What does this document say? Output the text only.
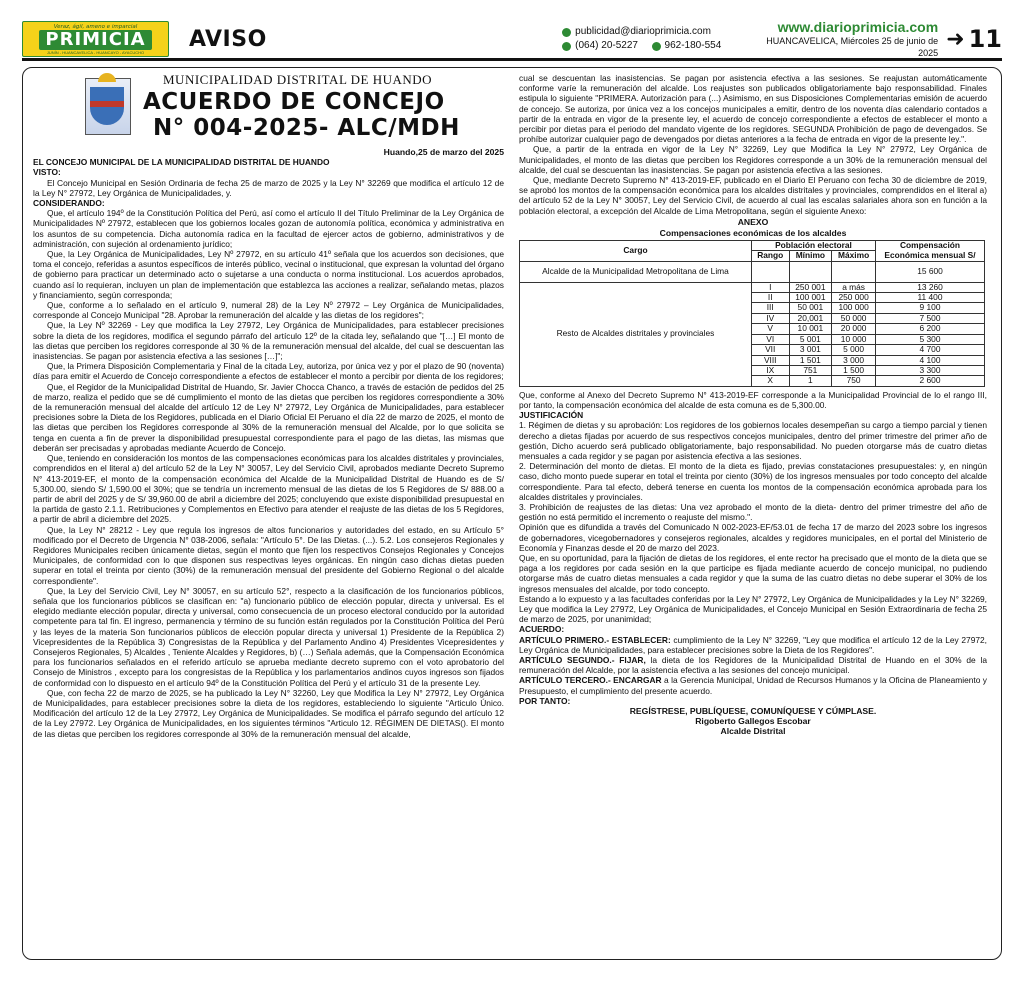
Veraz, ágil, ameno e imparcial
PRIMICIA
JUNÍN - HUANCAVELICA - HUANCAYO - AYACUCHO
AVISO	publicidad@diarioprimicia.com
(064) 20-5227
	962-180-554
www.diarioprimicia.com
HUANCAVELICA, Miércoles 25 de junio de 2025
➜ 11
MUNICIPALIDAD DISTRITAL DE HUANDO
ACUERDO DE CONCEJO
N° 004-2025- ALC/MDH
Huando,25 de marzo del 2025

EL CONCEJO MUNICIPAL DE LA MUNICIPALIDAD DISTRITAL DE HUANDO

VISTO:

El Concejo Municipal en Sesión Ordinaria de fecha 25 de marzo de 2025 y la Ley N° 32269 que modifica el artículo 12 de la Ley N° 27972, Ley Orgánica de Municipalidades, y.

CONSIDERANDO:

Que, el artículo 194º de la Constitución Política del Perú, así como el artículo II del Título Preliminar de la Ley Orgánica de Municipalidades Nº 27972, establecen que los gobiernos locales gozan de autonomía política, económica y administrativa en los asuntos de su competencia. Dicha autonomía radica en la facultad de ejercer actos de gobierno, administrativos y de administración, con sujeción al ordenamiento jurídico;

Que, la Ley Orgánica de Municipalidades, Ley Nº 27972, en su artículo 41º señala que los acuerdos son decisiones, que toma el concejo, referidas a asuntos específicos de interés público, vecinal o institucional, que expresan la voluntad del órgano de gobierno para practicar un determinado acto o sujetarse a una conducta o norma institucional. Los acuerdos aprobados, cuando así lo requieran, incluyen un plan de implementación que establezca las acciones a realizar, señalando metas, plazos y financiamiento, según corresponda;

Que, conforme a lo señalado en el artículo 9, numeral 28) de la Ley Nº 27972 – Ley Orgánica de Municipalidades, corresponde al Concejo Municipal "28. Aprobar la remuneración del alcalde y las dietas de los regidores";

Que, la Ley Nº 32269 - Ley que modifica la Ley 27972, Ley Orgánica de Municipalidades, para establecer precisiones sobre la dieta de los regidores, modifica el segundo párrafo del artículo 12º de la citada ley, señalando que "[…] El monto de las dietas que perciben los regidores corresponde al 30 % de la remuneración mensual del alcalde, del cual se descuentan las inasistencias. Se pagan por asistencia efectiva a las sesiones […]";

Que, la Primera Disposición Complementaria y Final de la citada Ley, autoriza, por única vez y por el plazo de 90 (noventa) días para emitir el Acuerdo de Concejo correspondiente a efectos de establecer el monto a percibir por dienta de los regidores;

Que, el Regidor de la Municipalidad Distrital de Huando, Sr. Javier Chocca Chanco, a través de estación de pedidos del 25 de marzo, realiza el pedido que se dé cumplimiento el monto de las dietas que perciben los regidores correspondiente a 30% de la remuneración mensual del alcalde del artículo 12 de Ley N° 27972, Ley Orgánica de Municipalidades, para establecer precisiones sobre la Dieta de los Regidores, publicada en el Diario Oficial El Peruano el día 22 de marzo de 2025, el monto de las dietas que perciben los Regidores corresponde al 30% de la remuneración mensual del Alcalde, por lo que solicita se tenga en cuenta a fin de prever la disponibilidad presupuestal correspondiente para el pago de las dietas, las mismas que deberán ser precisadas y aprobadas mediante Acuerdo de Concejo.

Que, teniendo en consideración los montos de las compensaciones económicas para los alcaldes distritales y provinciales, comprendidos en el literal a) del artículo 52 de la Ley N° 30057, Ley del Servicio Civil, aprobados mediante Decreto Supremo N° 413-2019-EF, el monto de la compensación económica del Alcalde de la Municipalidad Distrital de Huando es de S/ 5,300.00, siendo S/ 1,590.00 el 30%; que se tendría un incremento mensual de las dietas de los 5 Regidores de S/ 888.00 a partir de abril del 2025 y de S/ 39,960.00 de abril a diciembre del 2025; concluyendo que existe disponibilidad presupuestal en la partida de gasto 2.1.1. Retribuciones y Complementos en Efectivo para atender el reajuste de las dietas de los 5 Regidores, a partir de abril a diciembre del 2025.

Que, la Ley N° 28212 - Ley que regula los ingresos de altos funcionarios y autoridades del estado, en su Artículo 5° modificado por el Decreto de Urgencia N° 038-2006, señala: "Artículo 5°. De las Dietas. (...). 5.2. Los consejeros Regionales y Regidores Municipales reciben únicamente dietas, según el monto que fijen los respectivos Consejos Regionales y Concejos Municipales, de conformidad con lo que disponen sus respectivas leyes orgánicas. En ningún caso dichas dietas pueden superar en total el treinta por ciento (30%) de la remuneración mensual del presidente del Gobierno Regional o del alcalde correspondiente".

Que, la Ley del Servicio Civil, Ley N° 30057, en su artículo 52°, respecto a la clasificación de los funcionarios públicos, señala que los funcionarios públicos se clasifican en: "a) funcionario público de elección popular, directa y universal. Es el elegido mediante elección popular, directa y universal, como consecuencia de un proceso electoral conducido por la autoridad competente para tal fin. El ingreso, permanencia y término de su función están regulados por la Constitución Política del Perú y las leyes de la materia Son funcionarios públicos de elección popular directa y universal 1) Presidente de la República 2) Vicepresidentes de la República 3) Congresistas de la República y del Parlamento Andino 4) Presidentes Vicepresidentes y Consejeros Regionales, 5) Alcaldes , Teniente Alcaldes y Regidores, b) (…) Señala además, que la Compensación Económica para los funcionarios señalados en el referido artículo se aprueba mediante decreto supremo con el voto aprobatorio del Consejo de Ministros , excepto para los congresistas de la República y los parlamentarios andinos cuyos ingresos son fijados de conformidad con lo dispuesto en el artículo 94º de la Constitución Política del Perú y el artículo 31 de la presente Ley.

Que, con fecha 22 de marzo de 2025, se ha publicado la Ley N° 32260, Ley que Modifica la Ley N° 27972, Ley Orgánica de Municipalidades, para establecer precisiones sobre la dieta de los regidores, estableciendo lo siguiente "Articulo Único. Modificación del artículo 12 de la Ley 27972, Ley Orgánica de Municipalidades. Se modifica el párrafo segundo del artículo 12 de la Ley 27972. Ley Orgánica de Municipalidades, en los siguientes términos "Articulo 12. RÉGIMEN DE DIETAS(). El monto de las dietas que perciben los regidores corresponde al 30% de la remuneración mensual del alcalde,

cual se descuentan las inasistencias. Se pagan por asistencia efectiva a las sesiones. Se reajustan automáticamente conforme varíe la remuneración del alcalde. Los reajustes son publicados obligatoriamente bajo responsabilidad. Finales estipula lo siguiente "PRIMERA. Autorización para (...) Asimismo, en sus Disposiciones Complementarias emisión de acuerdo de concejo. Se autoriza, por única vez a los concejos municipales a emitir, dentro de los noventa días calendario contados a partir de la entrada en vigor de la presente ley, el acuerdo de concejo correspondiente a efectos de establecer el monto a percibir por dietas para el periodo del mandato vigente de los regidores. SEGUNDA Prohibición de pago de devengados. Se prohíbe autorizar cualquier pago de devengados por dietas anteriores a la fecha de entrada en vigor de la presente ley.".

Que, a partir de la entrada en vigor de la Ley N° 32269, Ley que Modifica la Ley N° 27972, Ley Orgánica de Municipalidades, el monto de las dietas que perciben los Regidores corresponde a un 30% de la remuneración mensual del alcalde, del cual se descuentan las inasistencias. Se pagan por asistencia efectiva a las sesiones.

Que, mediante Decreto Supremo N° 413-2019-EF, publicado en el Diario El Peruano con fecha 30 de diciembre de 2019, se aprobó los montos de la compensación económica para los alcaldes distritales y provinciales, comprendidos en el literal a) del artículo 52 de la Ley N° 30057, Ley del Servicio Civil, de acuerdo al cual las escalas salariales ahora son en función a la población electoral, a excepción del Alcalde de Lima Metropolitana, según el siguiente Anexo:

ANEXO
Compensaciones económicas de los alcaldes
Cargo	Población electoral			Compensación Económica mensual S/
	Rango	Mínimo	Máximo	
Alcalde de la Municipalidad Metropolitana de Lima				15 600
Resto de Alcaldes distritales y provinciales	I	250 001	a más	13 260
	II	100 001	250 000	11 400
	III	50 001	100 000	9 100
	IV	20,001	50 000	7 500
	V	10 001	20 000	6 200
	VI	5 001	10 000	5 300
	VII	3 001	5 000	4 700
	VIII	1 501	3 000	4 100
	IX	751	1 500	3 300
	X	1	750	2 600

Que, conforme al Anexo del Decreto Supremo N° 413-2019-EF corresponde a la Municipalidad Provincial de lo el rango III, por tanto, la compensación económica del alcalde de esta comuna es de 5,300.00.

JUSTIFICACIÓN

1. Régimen de dietas y su aprobación: Los regidores de los gobiernos locales desempeñan su cargo a tiempo parcial y tienen derecho a dietas fijadas por acuerdo de sus respectivos concejos municipales, dentro del primer trimestre del primer año de gestión, Dicho acuerdo será publicado obligatoriamente, bajo responsabilidad. No pueden otorgarse más de cuatro dietas mensuales a cada regidor y se pagan por asistencia efectiva a las sesiones.

2. Determinación del monto de dietas. El monto de la dieta es fijado, previas constataciones presupuestales: y, en ningún caso, dicho monto puede superar en total el treinta por ciento (30%) de los ingresos mensuales por todo concepto del alcalde correspondiente. Para tal efecto, deberá tenerse en cuenta los montos de la compensación económica aprobada para los alcaldes distritales y provinciales.

3. Prohibición de reajustes de las dietas: Una vez aprobado el monto de la dieta- dentro del primer trimestre del año de gestión no está permitido el incremento o reajuste del mismo.".

Opinión que es difundida a través del Comunicado N 002-2023-EF/53.01 de fecha 17 de marzo del 2023 sobre los ingresos de gobernadores, vicegobernadores y consejeros regionales, alcaldes y regidores municipales, en el portal del Ministerio de Economía y Finanzas desde el 20 de marzo del 2023.

Que, en su oportunidad, para la fijación de dietas de los regidores, el ente rector ha precisado que el monto de la dieta que se paga a los regidores por cada sesión en la que participe es fijada mediante acuerdo de concejo municipal, no pudiendo otorgarse más de cuatro dietas mensuales a cada regidor y que la suma de las cuatro dietas no debe superar el 30% de los ingresos mensuales del alcalde, por todo concepto.

Estando a lo expuesto y a las facultades conferidas por la Ley N° 27972, Ley Orgánica de Municipalidades y la Ley N° 32269, Ley que modifica la Ley 27972, Ley Orgánica de Municipalidades, el Concejo Municipal en Sesión Extraordinaria de fecha 25 de marzo de 2025, por unanimidad;

ACUERDO:

ARTÍCULO PRIMERO.- ESTABLECER: cumplimiento de la Ley N° 32269, "Ley que modifica el artículo 12 de la Ley 27972, Ley Orgánica de Municipalidades, para establecer precisiones sobre la Dieta de los Regidores".

ARTÍCULO SEGUNDO.- FIJAR, la dieta de los Regidores de la Municipalidad Distrital de Huando en el 30% de la remuneración del Alcalde, por la asistencia efectiva a las sesiones del concejo municipal.

ARTÍCULO TERCERO.- ENCARGAR a la Gerencia Municipal, Unidad de Recursos Humanos y la Oficina de Planeamiento y Presupuesto, el cumplimiento del presente acuerdo.

POR TANTO:

REGÍSTRESE, PUBLÍQUESE, COMUNÍQUESE Y CÚMPLASE.
Rigoberto Gallegos Escobar
Alcalde Distrital
